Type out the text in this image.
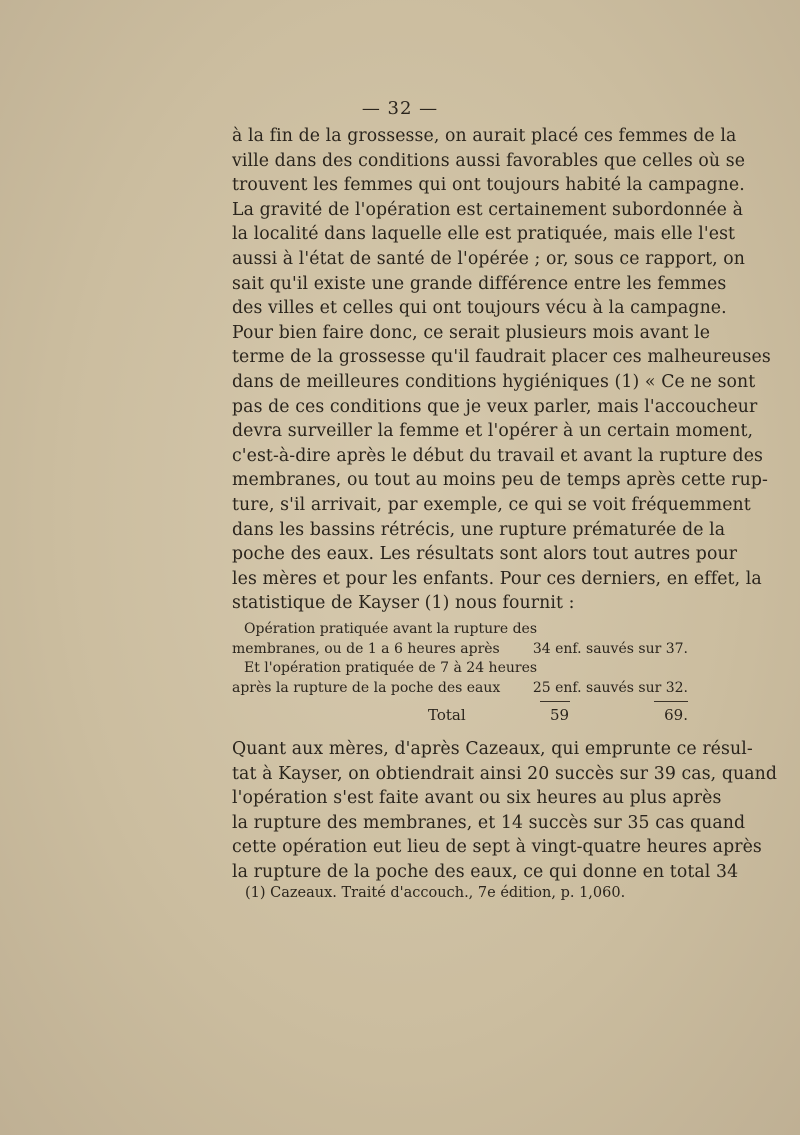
— 32 —
à la fin de la grossesse, on aurait placé ces femmes de la
ville dans des conditions aussi favorables que celles où se
trouvent les femmes qui ont toujours habité la campagne.
La gravité de l'opération est certainement subordonnée à
la localité dans laquelle elle est pratiquée, mais elle l'est
aussi à l'état de santé de l'opérée ; or, sous ce rapport, on
sait qu'il existe une grande différence entre les femmes
des villes et celles qui ont toujours vécu à la campagne.
Pour bien faire donc, ce serait plusieurs mois avant le
terme de la grossesse qu'il faudrait placer ces malheureuses
dans de meilleures conditions hygiéniques (1) « Ce ne sont
pas de ces conditions que je veux parler, mais l'accoucheur
devra surveiller la femme et l'opérer à un certain moment,
c'est-à-dire après le début du travail et avant la rupture des
membranes, ou tout au moins peu de temps après cette rup-
ture, s'il arrivait, par exemple, ce qui se voit fréquemment
dans les bassins rétrécis, une rupture prématurée de la
poche des eaux. Les résultats sont alors tout autres pour
les mères et pour les enfants. Pour ces derniers, en effet, la
statistique de Kayser (1) nous fournit :
Opération pratiquée avant la rupture des
membranes, ou de 1 a 6 heures après 34 enf. sauvés sur 37.
Et l'opération pratiquée de 7 à 24 heures
après la rupture de la poche des eaux 25 enf. sauvés sur 32.
Total	59	69.
Quant aux mères, d'après Cazeaux, qui emprunte ce résul-
tat à Kayser, on obtiendrait ainsi 20 succès sur 39 cas, quand
l'opération s'est faite avant ou six heures au plus après
la rupture des membranes, et 14 succès sur 35 cas quand
cette opération eut lieu de sept à vingt-quatre heures après
la rupture de la poche des eaux, ce qui donne en total 34
(1) Cazeaux. Traité d'accouch., 7e édition, p. 1,060.
